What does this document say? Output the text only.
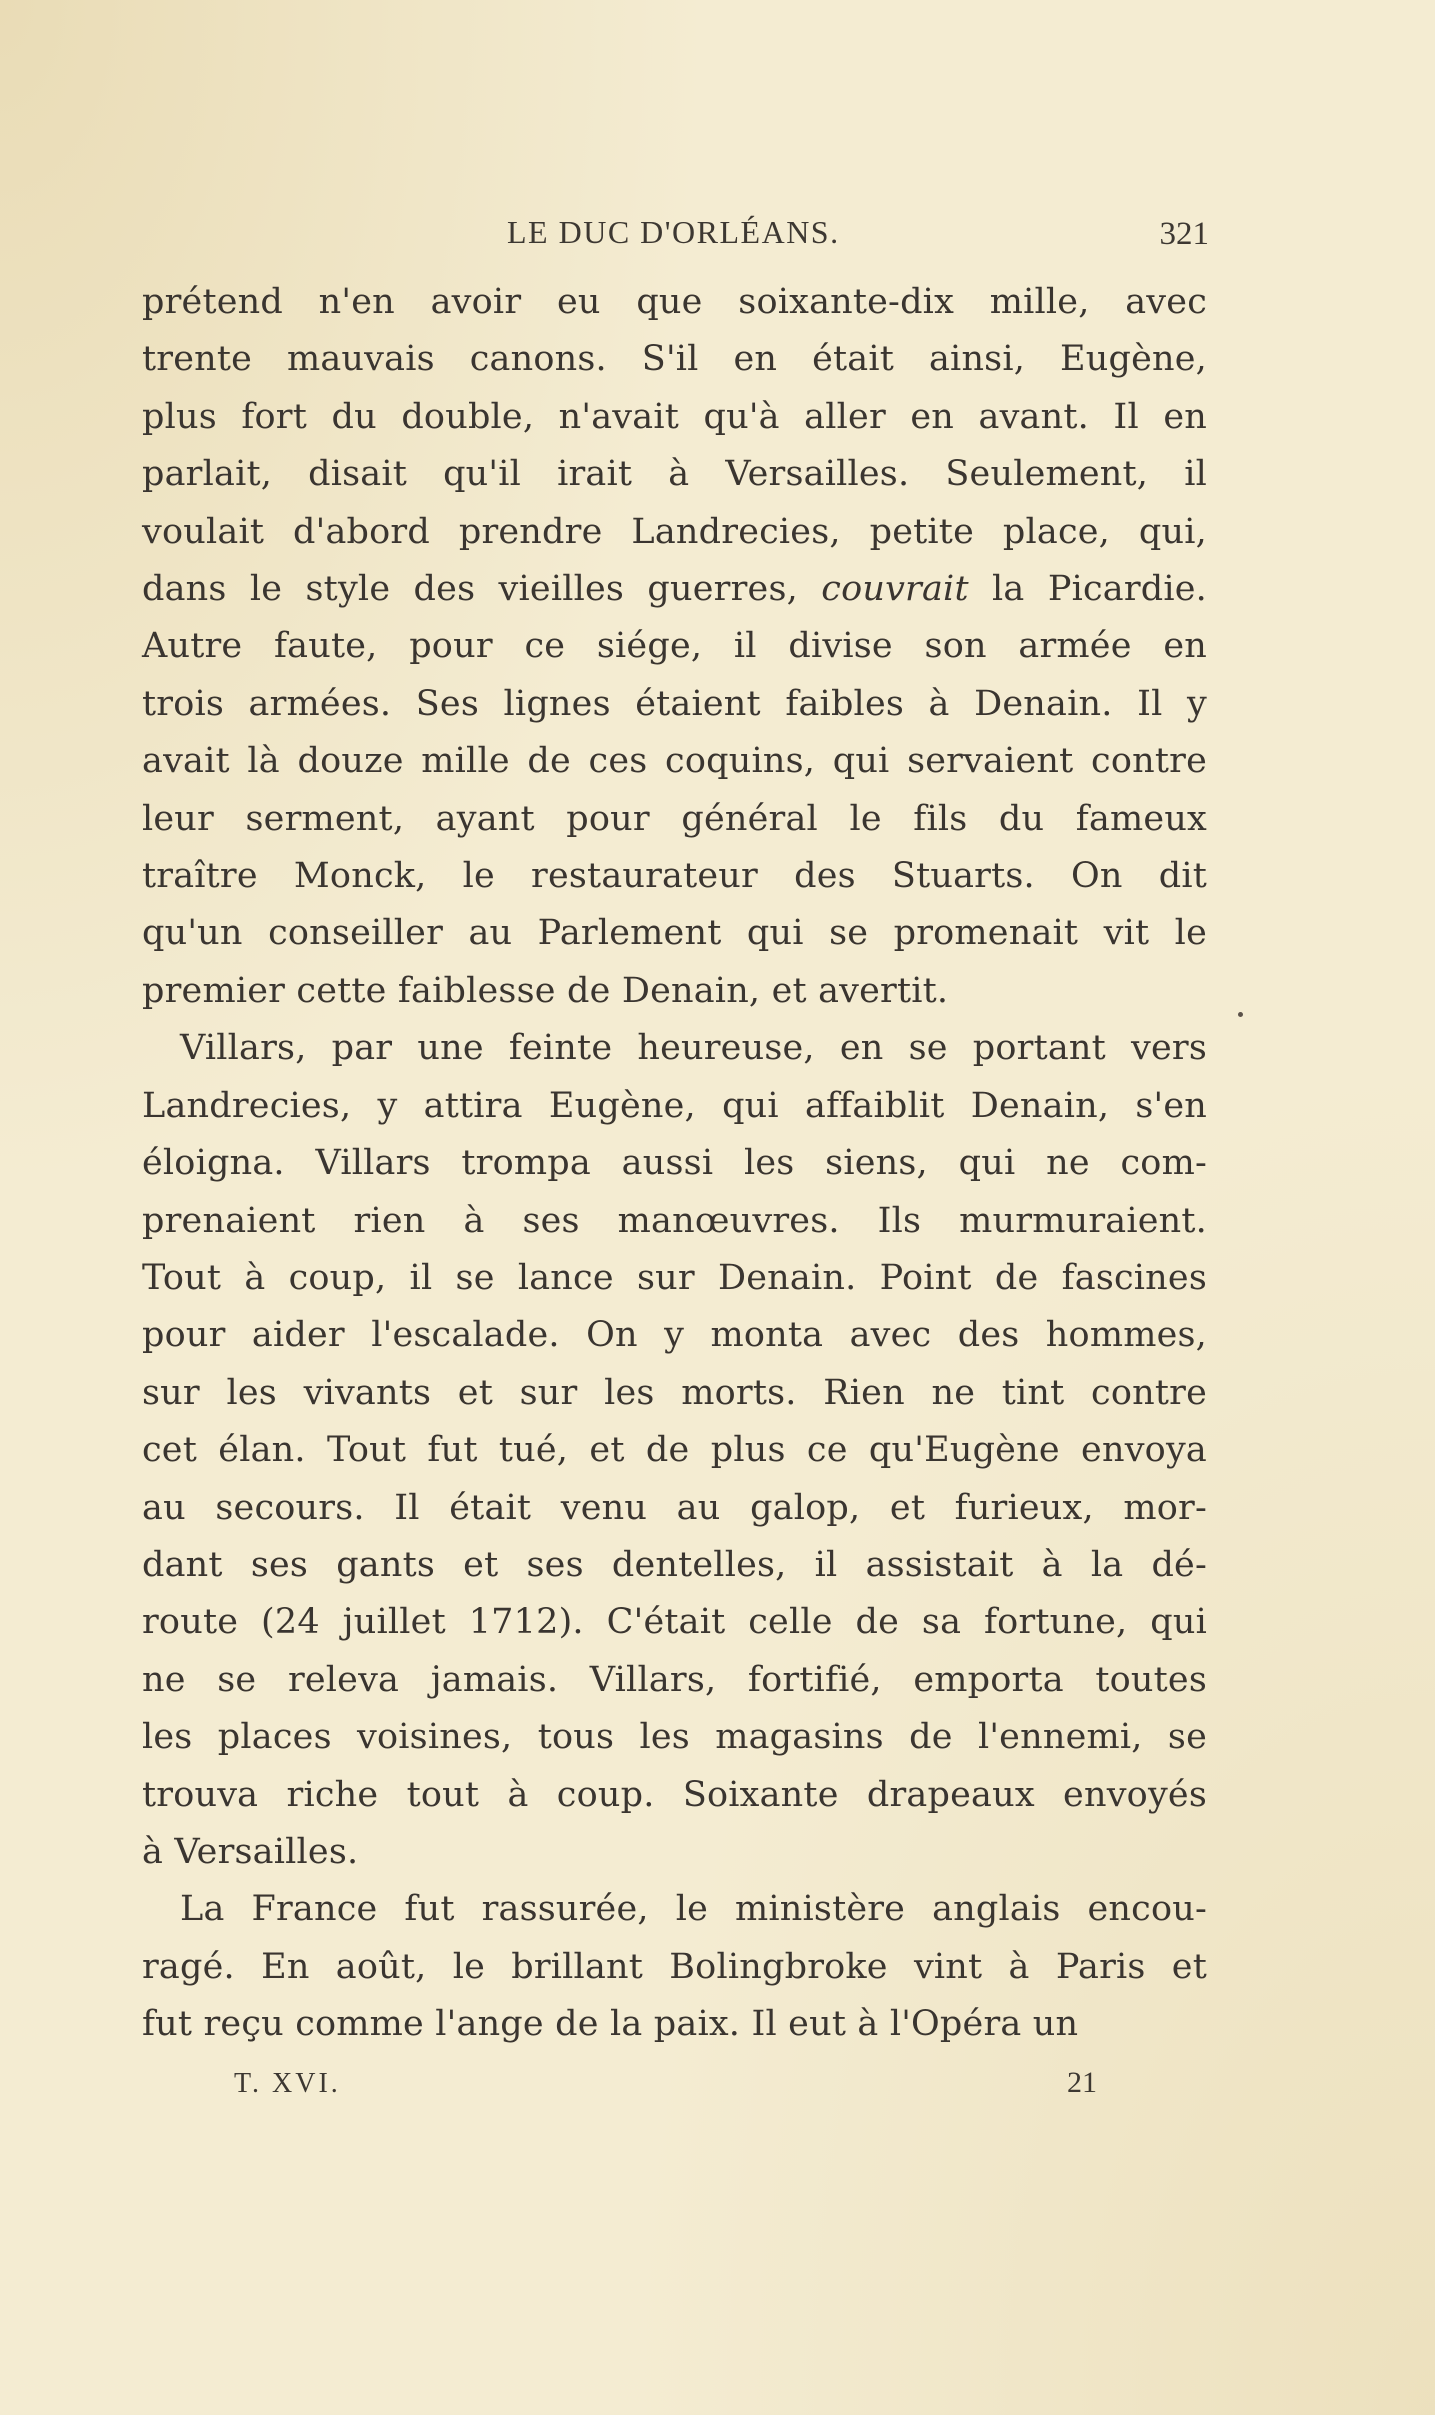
LE DUC D'ORLÉANS.	321
prétend n'en avoir eu que soixante-dix mille, avec
trente mauvais canons. S'il en était ainsi, Eugène,
plus fort du double, n'avait qu'à aller en avant. Il en
parlait, disait qu'il irait à Versailles. Seulement, il
voulait d'abord prendre Landrecies, petite place, qui,
dans le style des vieilles guerres, couvrait la Picardie.
Autre faute, pour ce siége, il divise son armée en
trois armées. Ses lignes étaient faibles à Denain. Il y
avait là douze mille de ces coquins, qui servaient contre
leur serment, ayant pour général le fils du fameux
traître Monck, le restaurateur des Stuarts. On dit
qu'un conseiller au Parlement qui se promenait vit le
premier cette faiblesse de Denain, et avertit.
Villars, par une feinte heureuse, en se portant vers
Landrecies, y attira Eugène, qui affaiblit Denain, s'en
éloigna. Villars trompa aussi les siens, qui ne com-
prenaient rien à ses manœuvres. Ils murmuraient.
Tout à coup, il se lance sur Denain. Point de fascines
pour aider l'escalade. On y monta avec des hommes,
sur les vivants et sur les morts. Rien ne tint contre
cet élan. Tout fut tué, et de plus ce qu'Eugène envoya
au secours. Il était venu au galop, et furieux, mor-
dant ses gants et ses dentelles, il assistait à la dé-
route (24 juillet 1712). C'était celle de sa fortune, qui
ne se releva jamais. Villars, fortifié, emporta toutes
les places voisines, tous les magasins de l'ennemi, se
trouva riche tout à coup. Soixante drapeaux envoyés
à Versailles.
La France fut rassurée, le ministère anglais encou-
ragé. En août, le brillant Bolingbroke vint à Paris et
fut reçu comme l'ange de la paix. Il eut à l'Opéra un
T. XVI.	21
